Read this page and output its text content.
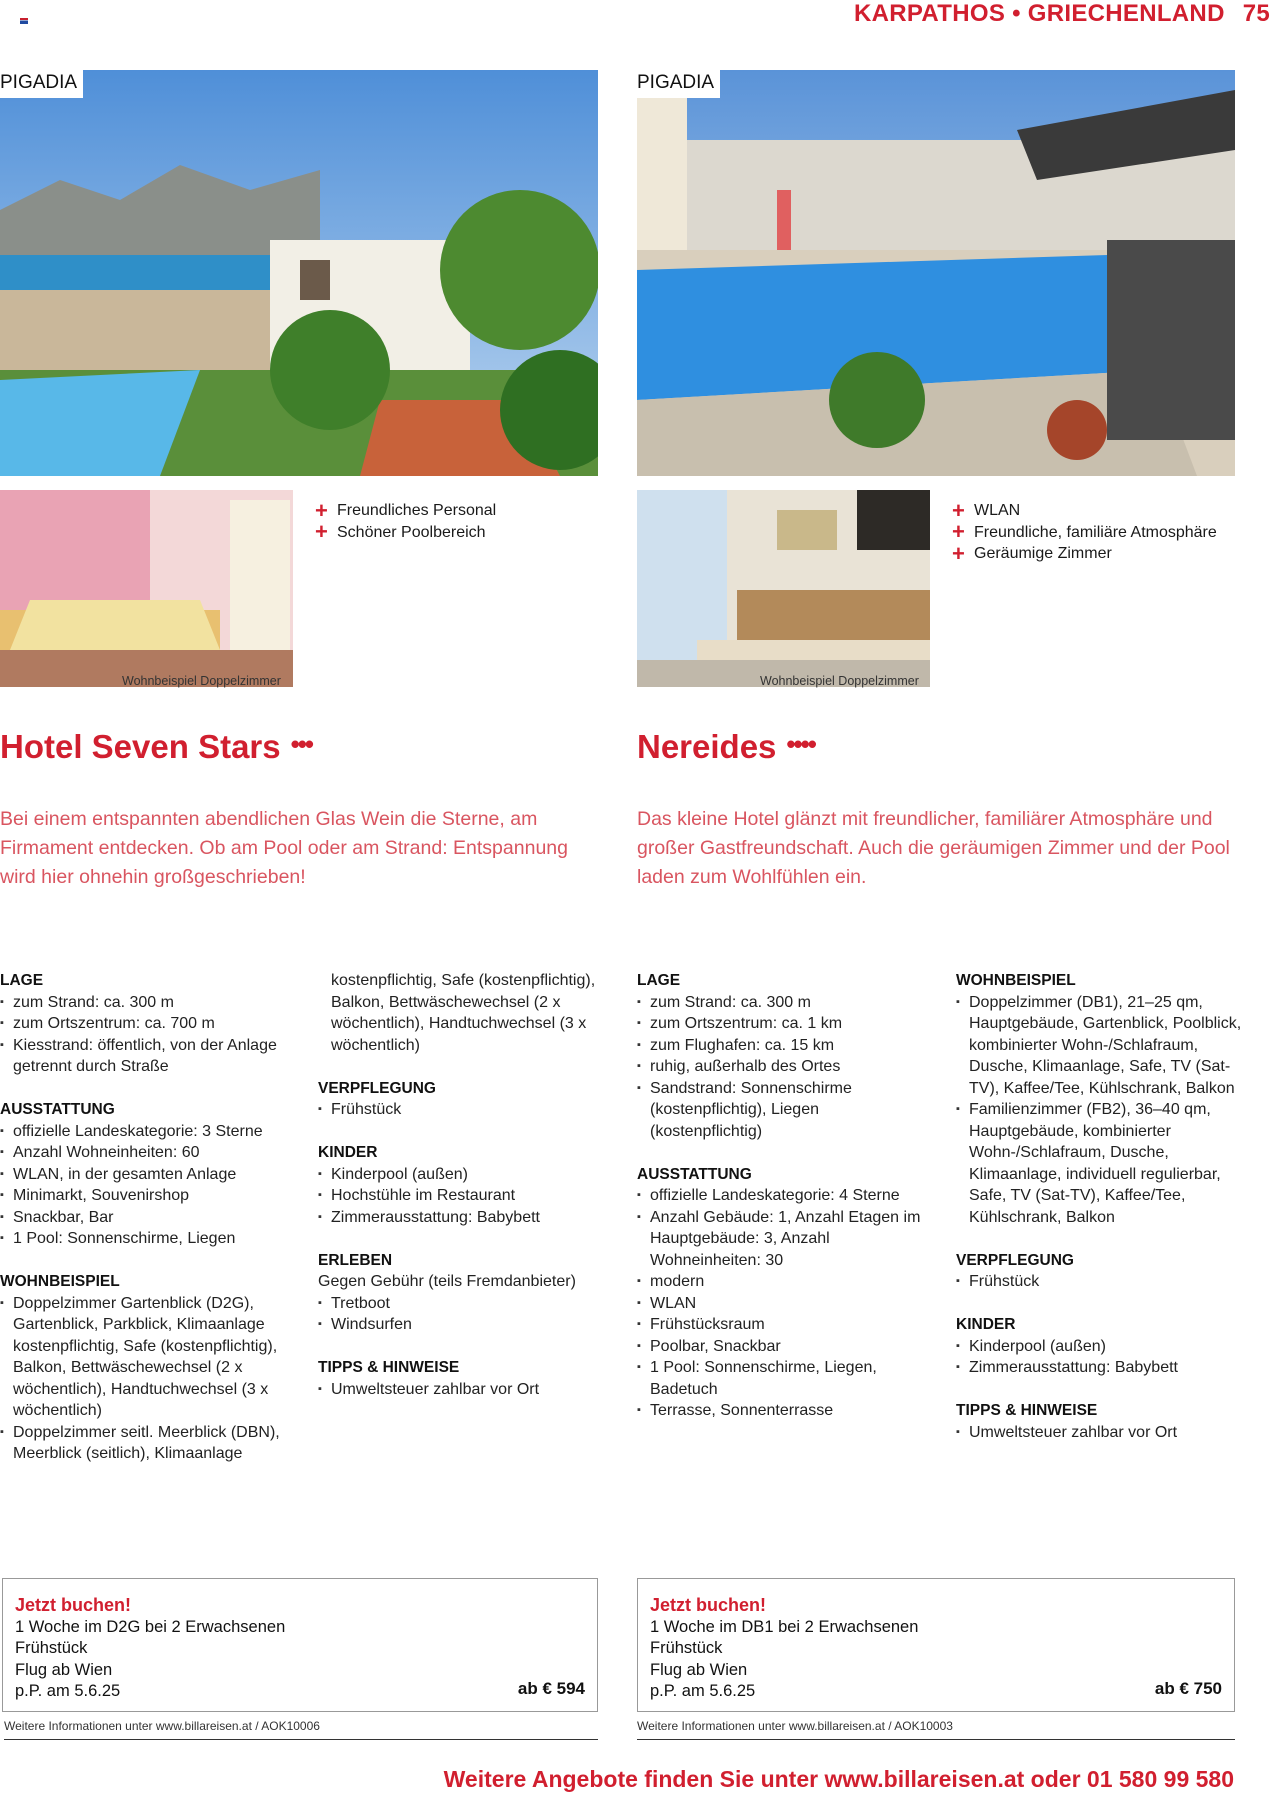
KARPATHOS • GRIECHENLAND 75
PIGADIA
Wohnbeispiel Doppelzimmer
+ Freundliches Personal
+ Schöner Poolbereich
Hotel Seven Stars •••

Bei einem entspannten abendlichen Glas Wein die Sterne, am Firmament entdecken. Ob am Pool oder am Strand: Entspannung wird hier ohnehin großgeschrieben!

LAGE
▪ zum Strand: ca. 300 m
▪ zum Ortszentrum: ca. 700 m
▪ Kiesstrand: öffentlich, von der Anlage getrennt durch Straße
AUSSTATTUNG
▪ offizielle Landeskategorie: 3 Sterne
▪ Anzahl Wohneinheiten: 60
▪ WLAN, in der gesamten Anlage
▪ Minimarkt, Souvenirshop
▪ Snackbar, Bar
▪ 1 Pool: Sonnenschirme, Liegen
WOHNBEISPIEL
▪ Doppelzimmer Gartenblick (D2G), Gartenblick, Parkblick, Klimaanlage kostenpflichtig, Safe (kostenpflichtig), Balkon, Bettwäschewechsel (2 x wöchentlich), Handtuchwechsel (3 x wöchentlich)
▪ Doppelzimmer seitl. Meerblick (DBN), Meerblick (seitlich), Klimaanlage

kostenpflichtig, Safe (kostenpflichtig), Balkon, Bettwäschewechsel (2 x wöchentlich), Handtuchwechsel (3 x wöchentlich)

VERPFLEGUNG
▪ Frühstück
KINDER
▪ Kinderpool (außen)
▪ Hochstühle im Restaurant
▪ Zimmerausstattung: Babybett
ERLEBEN

Gegen Gebühr (teils Fremdanbieter)

▪ Tretboot
▪ Windsurfen
TIPPS & HINWEISE
▪ Umweltsteuer zahlbar vor Ort
Jetzt buchen!
1 Woche im D2G bei 2 Erwachsenen
Frühstück
Flug ab Wien
p.P. am 5.6.25	ab € 594
Weitere Informationen unter www.billareisen.at / AOK10006
PIGADIA
Wohnbeispiel Doppelzimmer
+ WLAN
+ Freundliche, familiäre Atmosphäre
+ Geräumige Zimmer
Nereides ••••

Das kleine Hotel glänzt mit freundlicher, familiärer Atmosphäre und großer Gastfreundschaft. Auch die geräumigen Zimmer und der Pool laden zum Wohlfühlen ein.

LAGE
▪ zum Strand: ca. 300 m
▪ zum Ortszentrum: ca. 1 km
▪ zum Flughafen: ca. 15 km
▪ ruhig, außerhalb des Ortes
▪ Sandstrand: Sonnenschirme (kostenpflichtig), Liegen (kostenpflichtig)
AUSSTATTUNG
▪ offizielle Landeskategorie: 4 Sterne
▪ Anzahl Gebäude: 1, Anzahl Etagen im Hauptgebäude: 3, Anzahl Wohneinheiten: 30
▪ modern
▪ WLAN
▪ Frühstücksraum
▪ Poolbar, Snackbar
▪ 1 Pool: Sonnenschirme, Liegen, Badetuch
▪ Terrasse, Sonnenterrasse
WOHNBEISPIEL
▪ Doppelzimmer (DB1), 21–25 qm, Hauptgebäude, Gartenblick, Poolblick, kombinierter Wohn-/Schlafraum, Dusche, Klimaanlage, Safe, TV (Sat-TV), Kaffee/Tee, Kühlschrank, Balkon
▪ Familienzimmer (FB2), 36–40 qm, Hauptgebäude, kombinierter Wohn-/Schlafraum, Dusche, Klimaanlage, individuell regulierbar, Safe, TV (Sat-TV), Kaffee/Tee, Kühlschrank, Balkon
VERPFLEGUNG
▪ Frühstück
KINDER
▪ Kinderpool (außen)
▪ Zimmerausstattung: Babybett
TIPPS & HINWEISE
▪ Umweltsteuer zahlbar vor Ort
Jetzt buchen!
1 Woche im DB1 bei 2 Erwachsenen
Frühstück
Flug ab Wien
p.P. am 5.6.25	ab € 750
Weitere Informationen unter www.billareisen.at / AOK10003
Weitere Angebote finden Sie unter www.billareisen.at oder 01 580 99 580
